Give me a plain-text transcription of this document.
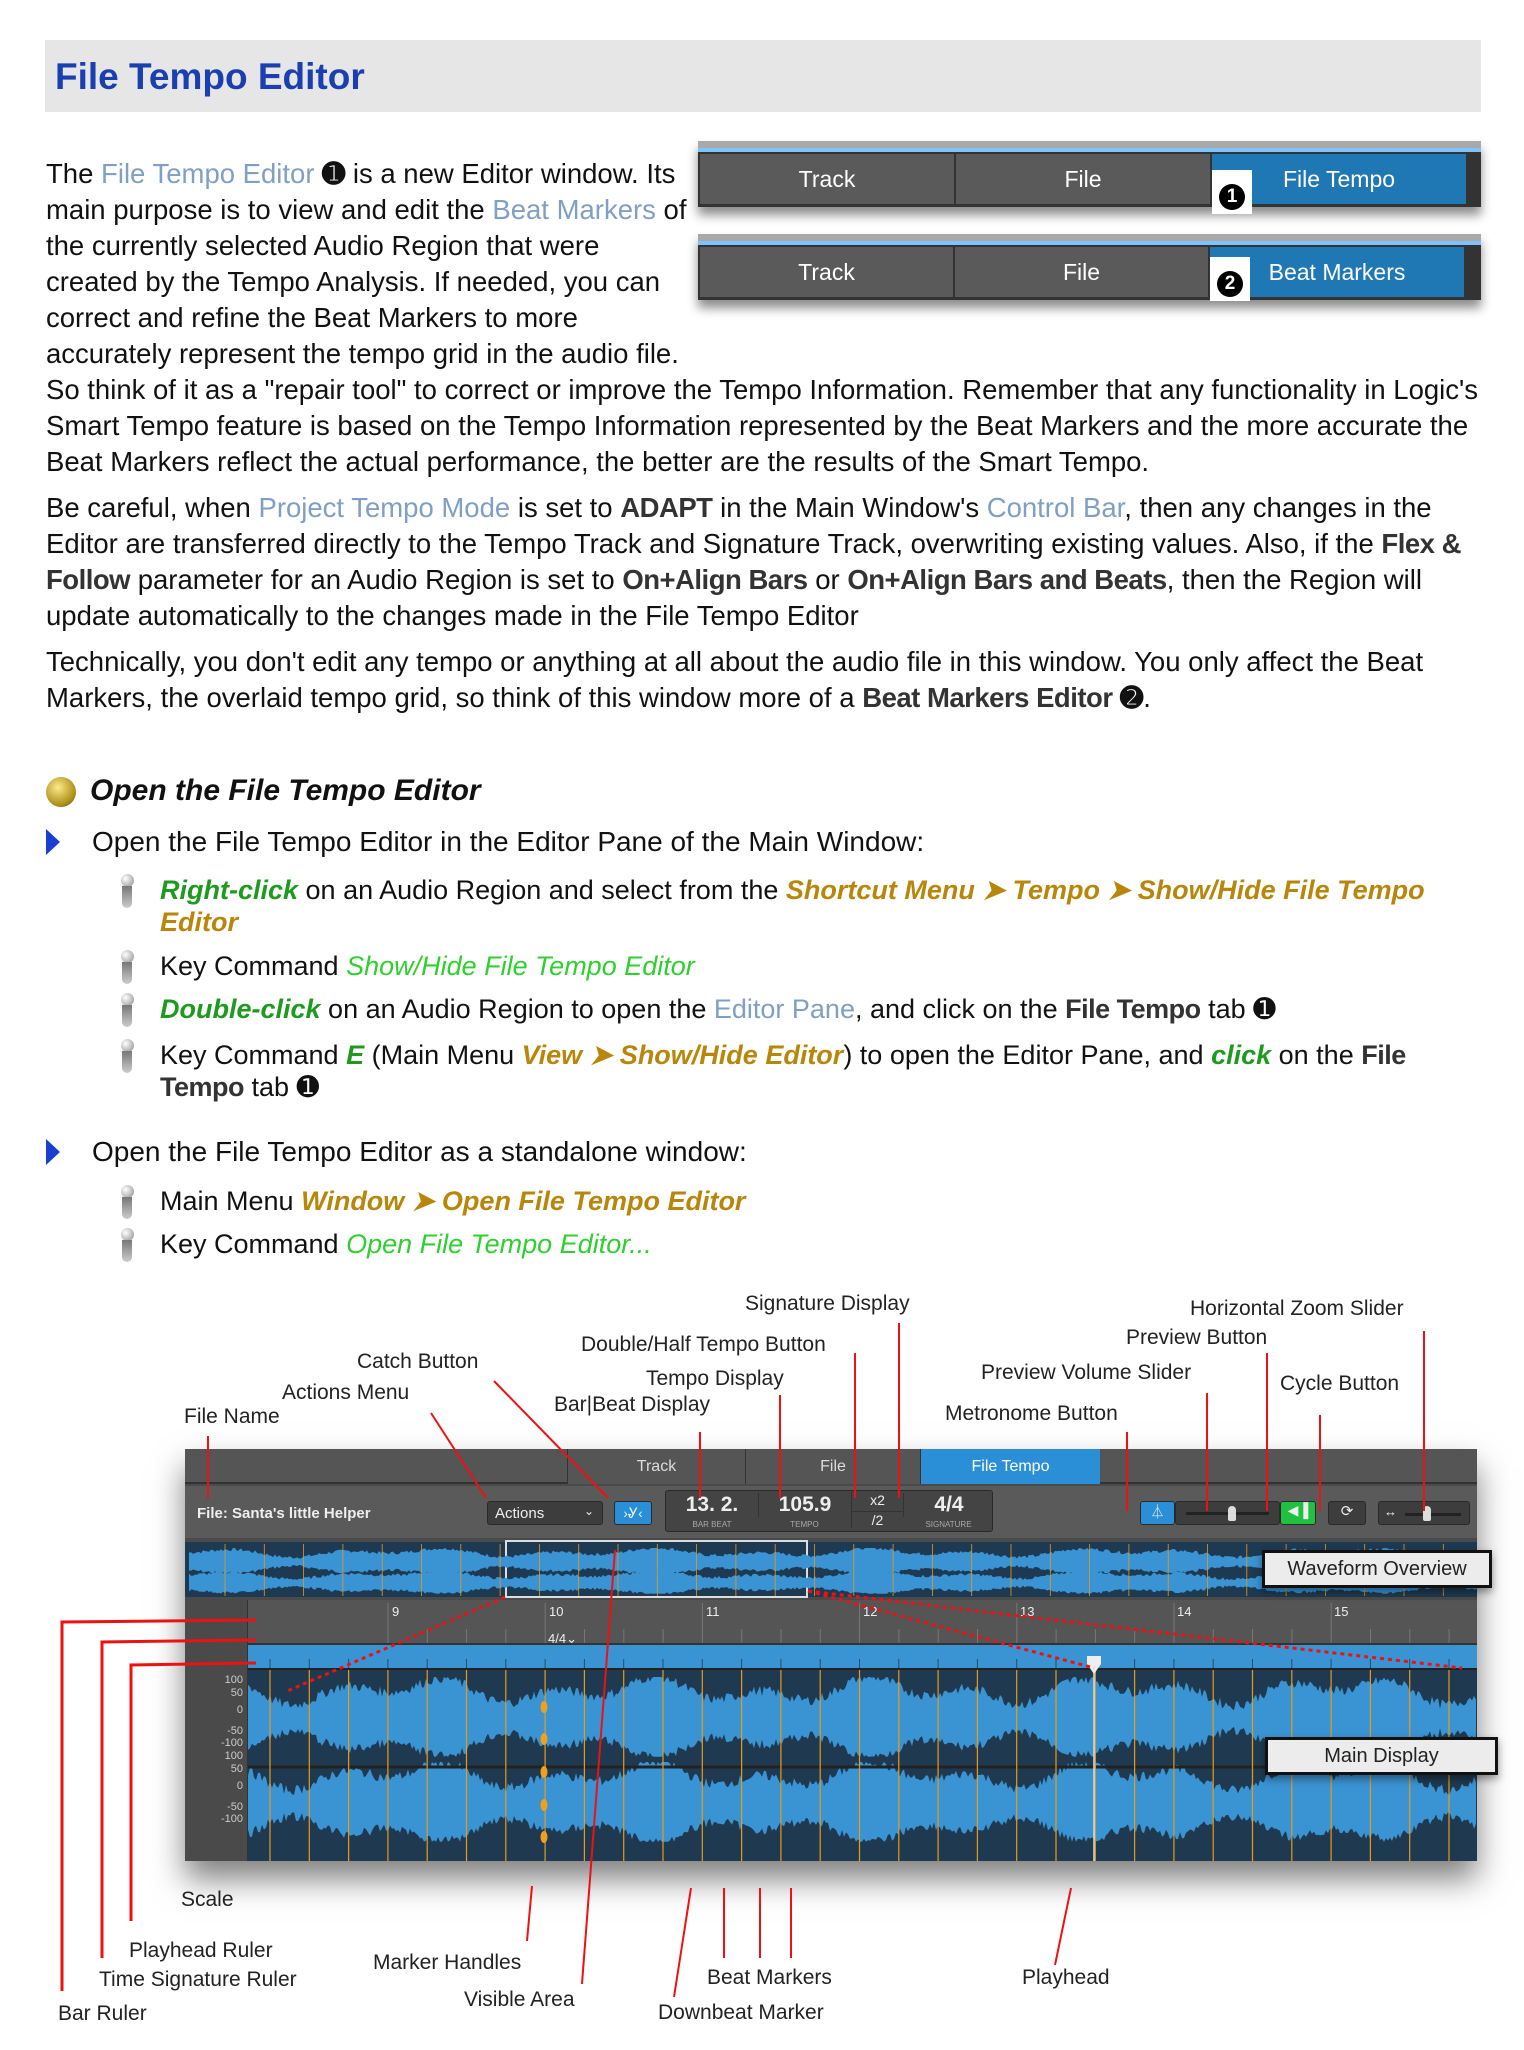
File Tempo Editor

The File Tempo Editor ➊ is a new Editor window. Its main purpose is to view and edit the Beat Markers of the currently selected Audio Region that were created by the Tempo Analysis. If needed, you can correct and refine the Beat Markers to more accurately represent the tempo grid in the audio file. So think of it as a "repair tool" to correct or improve the Tempo Information. Remember that any functionality in Logic's Smart Tempo feature is based on the Tempo Information represented by the Beat Markers and the more accurate the Beat Markers reflect the actual performance, the better are the results of the Smart Tempo.

Be careful, when Project Tempo Mode is set to ADAPT in the Main Window's Control Bar, then any changes in the Editor are transferred directly to the Tempo Track and Signature Track, overwriting existing values. Also, if the Flex & Follow parameter for an Audio Region is set to On+Align Bars or On+Align Bars and Beats, then the Region will update automatically to the changes made in the File Tempo Editor

Technically, you don't edit any tempo or anything at all about the audio file in this window. You only affect the Beat Markers, the overlaid tempo grid, so think of this window more of a Beat Markers Editor ➋.

Track	File	File Tempo
1
Track	File	Beat Markers
2
Open the File Tempo Editor
Open the File Tempo Editor in the Editor Pane of the Main Window:
Right-click on an Audio Region and select from the Shortcut Menu ➤ Tempo ➤ Show/Hide File Tempo Editor
Key Command Show/Hide File Tempo Editor
Double-click on an Audio Region to open the Editor Pane, and click on the File Tempo tab ➊
Key Command E (Main Menu View ➤ Show/Hide Editor) to open the Editor Pane, and click on the File Tempo tab ➊
Open the File Tempo Editor as a standalone window:
Main Menu Window ➤ Open File Tempo Editor
Key Command Open File Tempo Editor...
Track	File	File Tempo
File: Santa's little Helper	Actions	⌄	›Ꮍ‹	13. 2.
BAR BEAT
105.9
TEMPO
x2
/2
4/4
SIGNATURE
⏃	◀▐	⟳	↔
100
50
0
-50
-100
100
50
0
-50
-100
9	10	11	12	13	14	15
4/4⌄
Waveform Overview
Main Display
Signature Display	Horizontal Zoom Slider
Preview Button
Catch Button
Double/Half Tempo Button
Tempo Display	Preview Volume Slider	Cycle Button
Actions Menu
Bar|Beat Display	Metronome Button
File Name
Scale
Playhead Ruler
Time Signature Ruler
Bar Ruler
Marker Handles
Visible Area
Beat Markers
Downbeat Marker
Playhead
